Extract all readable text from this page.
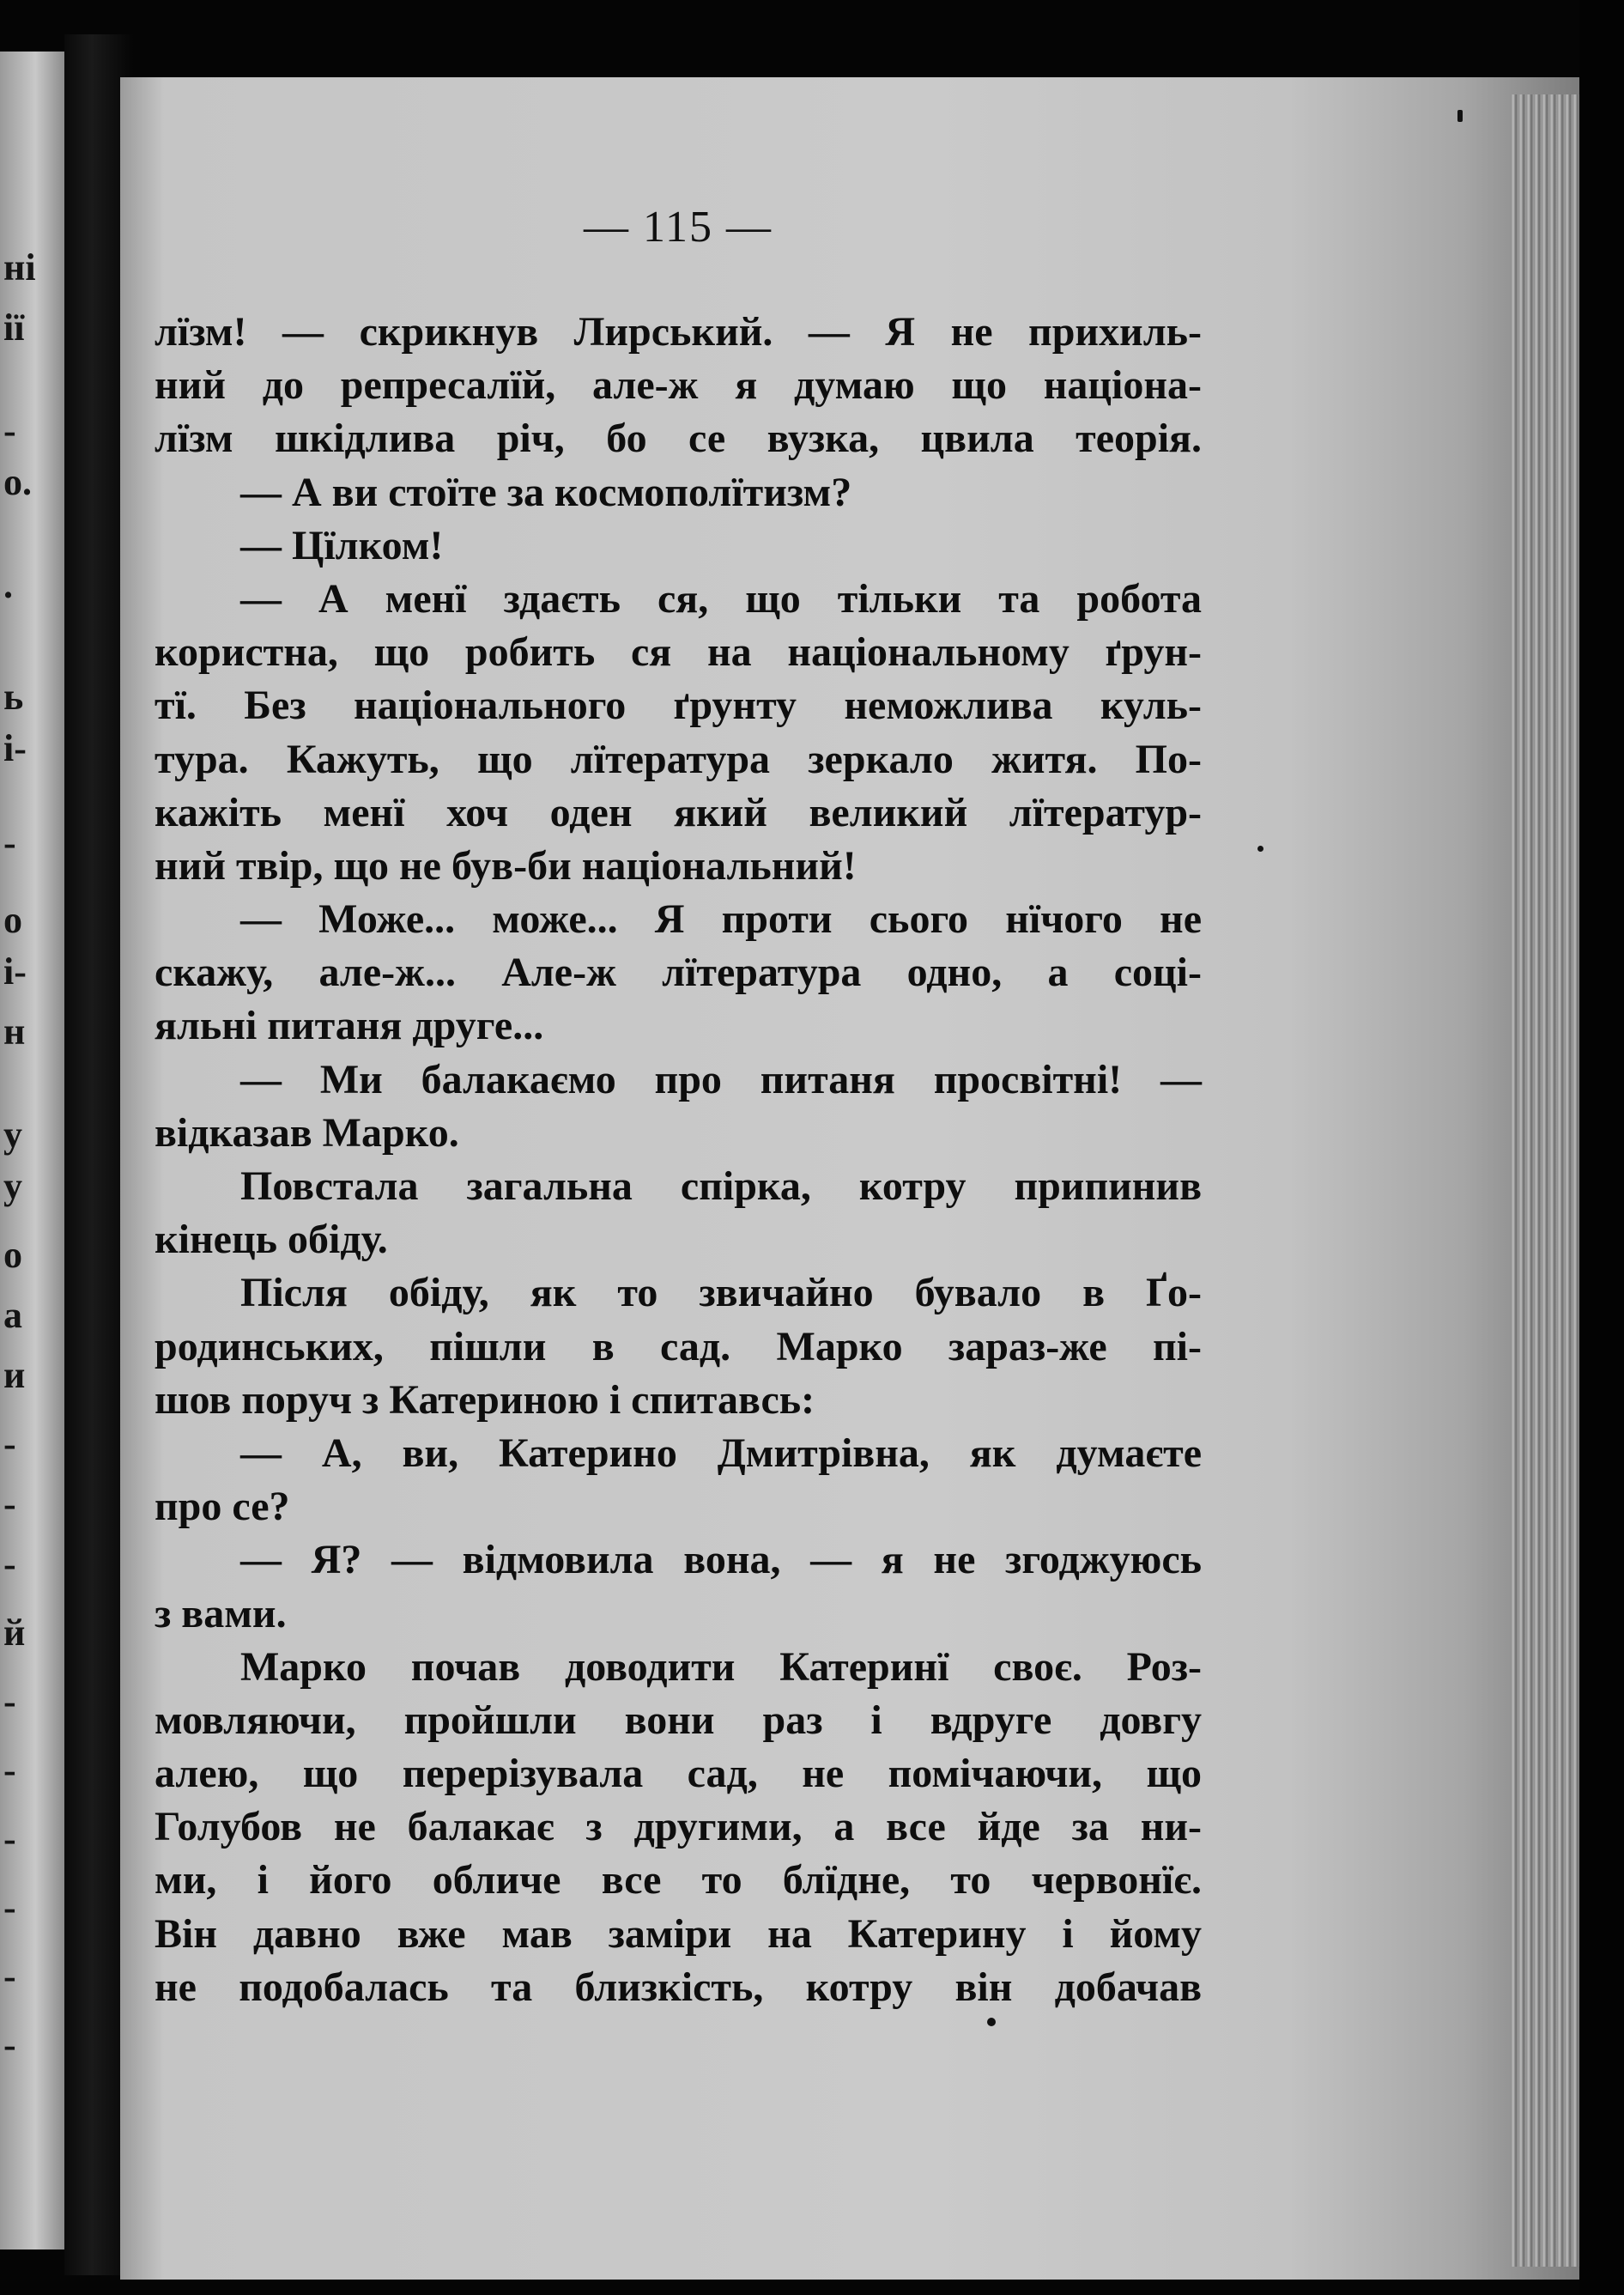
ні
ії
-
о.
.
ь
і-
-
о
і-
н
у
у
о
а
и
-
-
-
й
-
-
-
-
-
-
— 115 —
лїзм! — скрикнув Лирський. — Я не прихиль-
ний до репресалїй, але-ж я думаю що націона-
лїзм шкідлива річ, бо се вузка, цвила теорія.
— А ви стоїте за космополїтизм?
— Цїлком!
— А менї здаєть ся, що тільки та робота
користна, що робить ся на національному ґрун-
тї. Без національного ґрунту неможлива куль-
тура. Кажуть, що лїтература зеркало житя. По-
кажіть менї хоч оден який великий лїтератур-
ний твір, що не був-би національний!
— Може... може... Я проти сього нїчого не
скажу, але-ж... Але-ж лїтература одно, а соці-
яльні питаня друге...
— Ми балакаємо про питаня просвітні! —
відказав Марко.
Повстала загальна спірка, котру припинив
кінець обіду.
Після обіду, як то звичайно бувало в Ґо-
родинських, пішли в сад. Марко зараз-же пі-
шов поруч з Катериною і спитавсь:
— А, ви, Катерино Дмитрівна, як думаєте
про се?
— Я? — відмовила вона, — я не згоджуюсь
з вами.
Марко почав доводити Катеринї своє. Роз-
мовляючи, пройшли вони раз і вдруге довгу
алею, що перерізувала сад, не помічаючи, що
Голубов не балакає з другими, а все йде за ни-
ми, і його обличе все то блїдне, то червонїє.
Він давно вже мав заміри на Катерину і йому
не подобалась та близкість, котру він добачав
